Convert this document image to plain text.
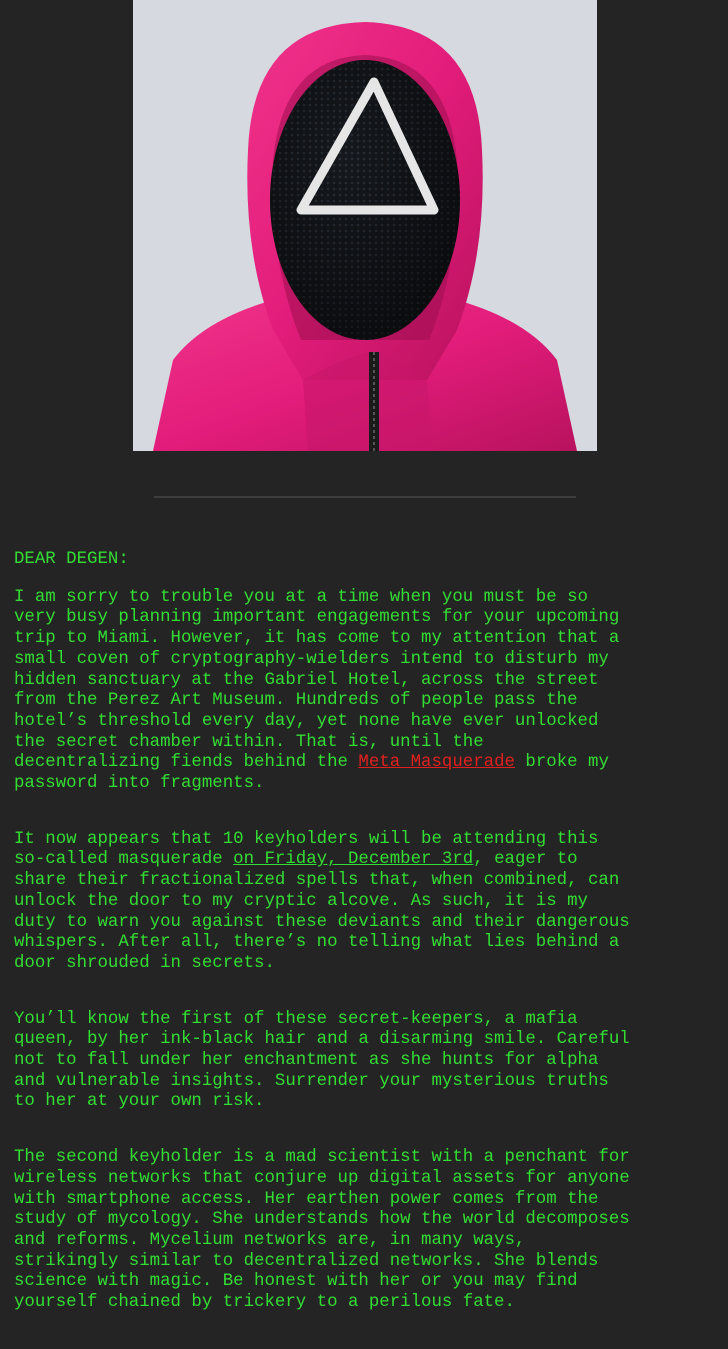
DEAR DEGEN:

I am sorry to trouble you at a time when you must be so

very busy planning important engagements for your upcoming

trip to Miami. However, it has come to my attention that a

small coven of cryptography-wielders intend to disturb my

hidden sanctuary at the Gabriel Hotel, across the street

from the Perez Art Museum. Hundreds of people pass the

hotel’s threshold every day, yet none have ever unlocked

the secret chamber within. That is, until the

decentralizing fiends behind the Meta Masquerade broke my

password into fragments.

It now appears that 10 keyholders will be attending this

so-called masquerade on Friday, December 3rd, eager to

share their fractionalized spells that, when combined, can

unlock the door to my cryptic alcove. As such, it is my

duty to warn you against these deviants and their dangerous

whispers. After all, there’s no telling what lies behind a

door shrouded in secrets.

You’ll know the first of these secret-keepers, a mafia

queen, by her ink-black hair and a disarming smile. Careful

not to fall under her enchantment as she hunts for alpha

and vulnerable insights. Surrender your mysterious truths

to her at your own risk.

The second keyholder is a mad scientist with a penchant for

wireless networks that conjure up digital assets for anyone

with smartphone access. Her earthen power comes from the

study of mycology. She understands how the world decomposes

and reforms. Mycelium networks are, in many ways,

strikingly similar to decentralized networks. She blends

science with magic. Be honest with her or you may find

yourself chained by trickery to a perilous fate.
